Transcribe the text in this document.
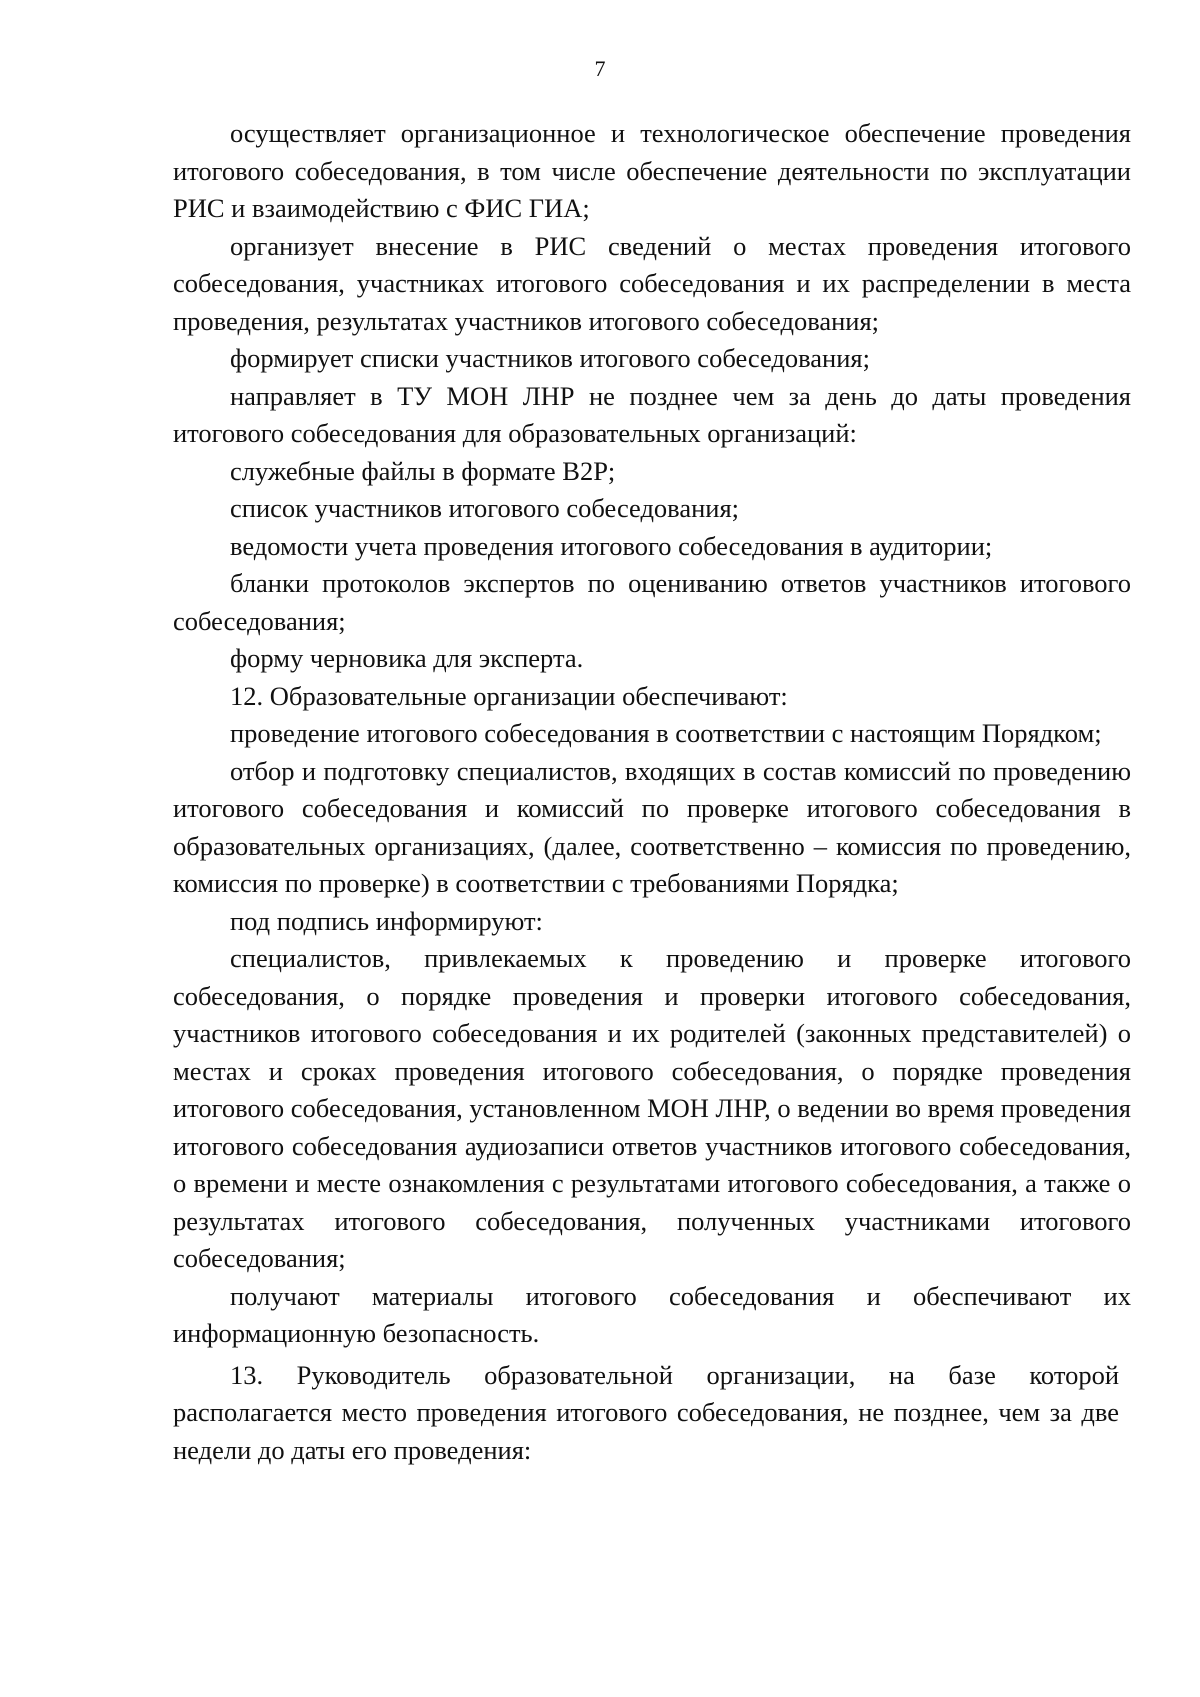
7

осуществляет организационное и технологическое обеспечение проведения итогового собеседования, в том числе обеспечение деятельности по эксплуатации РИС и взаимодействию с ФИС ГИА;

организует внесение в РИС сведений о местах проведения итогового собеседования, участниках итогового собеседования и их распределении в места проведения, результатах участников итогового собеседования;

формирует списки участников итогового собеседования;

направляет в ТУ МОН ЛНР не позднее чем за день до даты проведения итогового собеседования для образовательных организаций:

служебные файлы в формате B2P;

список участников итогового собеседования;

ведомости учета проведения итогового собеседования в аудитории;

бланки протоколов экспертов по оцениванию ответов участников итогового собеседования;

форму черновика для эксперта.

12. Образовательные организации обеспечивают:

проведение итогового собеседования в соответствии с настоящим Порядком;

отбор и подготовку специалистов, входящих в состав комиссий по проведению итогового собеседования и комиссий по проверке итогового собеседования в образовательных организациях, (далее, соответственно – комиссия по проведению, комиссия по проверке) в соответствии с требованиями Порядка;

под подпись информируют:

специалистов, привлекаемых к проведению и проверке итогового собеседования, о порядке проведения и проверки итогового собеседования, участников итогового собеседования и их родителей (законных представителей) о местах и сроках проведения итогового собеседования, о порядке проведения итогового собеседования, установленном МОН ЛНР, о ведении во время проведения итогового собеседования аудиозаписи ответов участников итогового собеседования, о времени и месте ознакомления с результатами итогового собеседования, а также о результатах итогового собеседования, полученных участниками итогового собеседования;

получают материалы итогового собеседования и обеспечивают их информационную безопасность.

13. Руководитель образовательной организации, на базе которой располагается место проведения итогового собеседования, не позднее, чем за две недели до даты его проведения:
